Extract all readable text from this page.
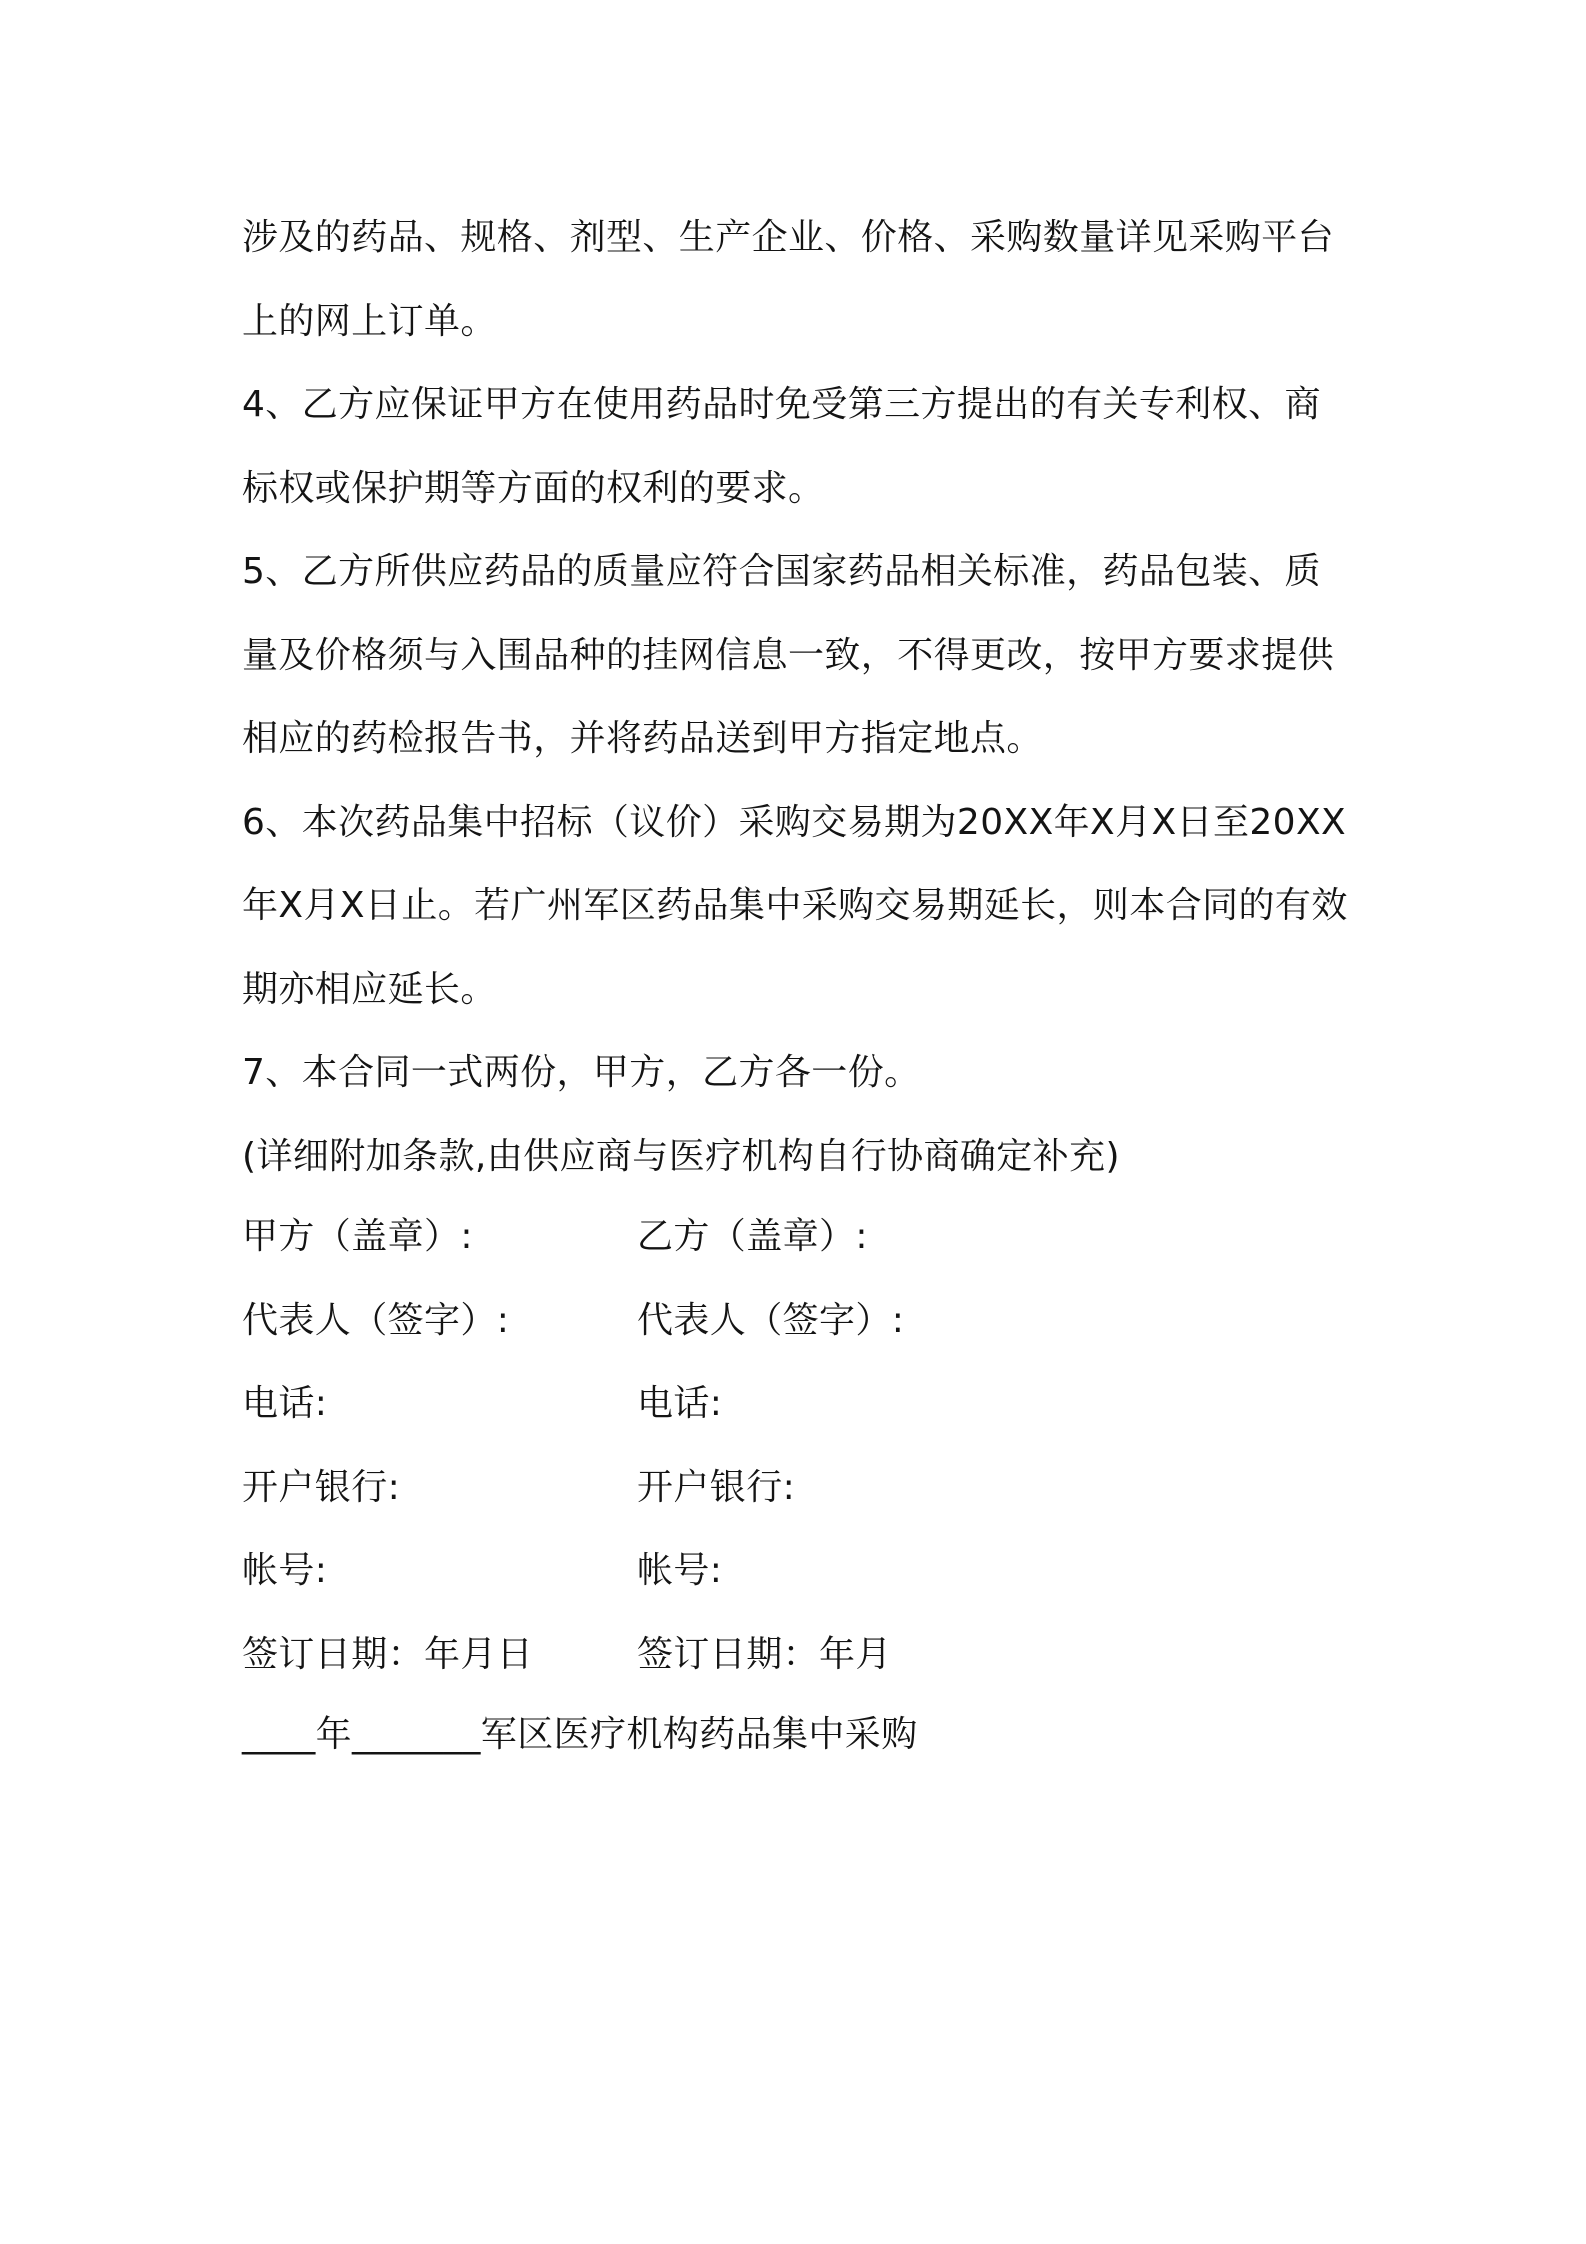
涉及的药品、规格、剂型、生产企业、价格、采购数量详见采购平台上的网上订单。

4、乙方应保证甲方在使用药品时免受第三方提出的有关专利权、商标权或保护期等方面的权利的要求。

5、乙方所供应药品的质量应符合国家药品相关标准，药品包装、质量及价格须与入围品种的挂网信息一致，不得更改，按甲方要求提供相应的药检报告书，并将药品送到甲方指定地点。

6、本次药品集中招标（议价）采购交易期为20XX年X月X日至20XX年X月X日止。若广州军区药品集中采购交易期延长，则本合同的有效期亦相应延长。

7、本合同一式两份，甲方，乙方各一份。

(详细附加条款,由供应商与医疗机构自行协商确定补充)

甲方（盖章）:	乙方（盖章）:
代表人（签字）:	代表人（签字）:
电话:	电话:
开户银行:	开户银行:
帐号:	帐号:
签订日期：年月日	签订日期：年月
____年_______军区医疗机构药品集中采购
